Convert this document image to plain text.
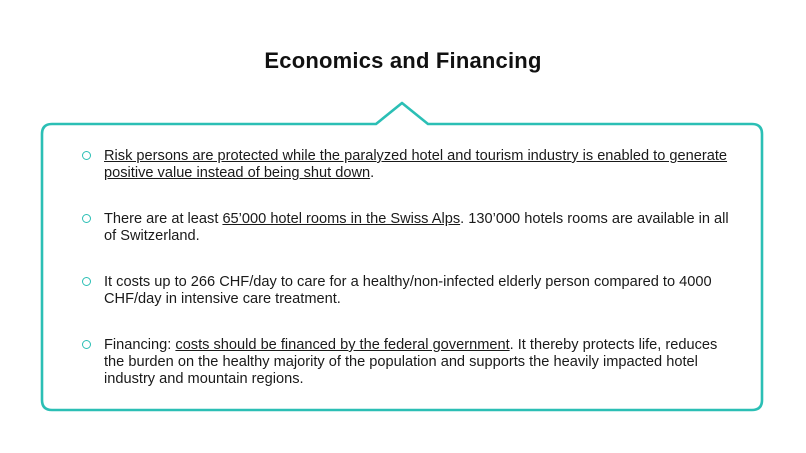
Economics and Financing
Risk persons are protected while the paralyzed hotel and tourism industry is enabled to generate positive value instead of being shut down.
There are at least 65’000 hotel rooms in the Swiss Alps. 130’000 hotels rooms are available in all of Switzerland.
It costs up to 266 CHF/day to care for a healthy/non-infected elderly person compared to 4000 CHF/day in intensive care treatment.
Financing: costs should be financed by the federal government. It thereby protects life, reduces the burden on the healthy majority of the population and supports the heavily impacted hotel industry and mountain regions.
